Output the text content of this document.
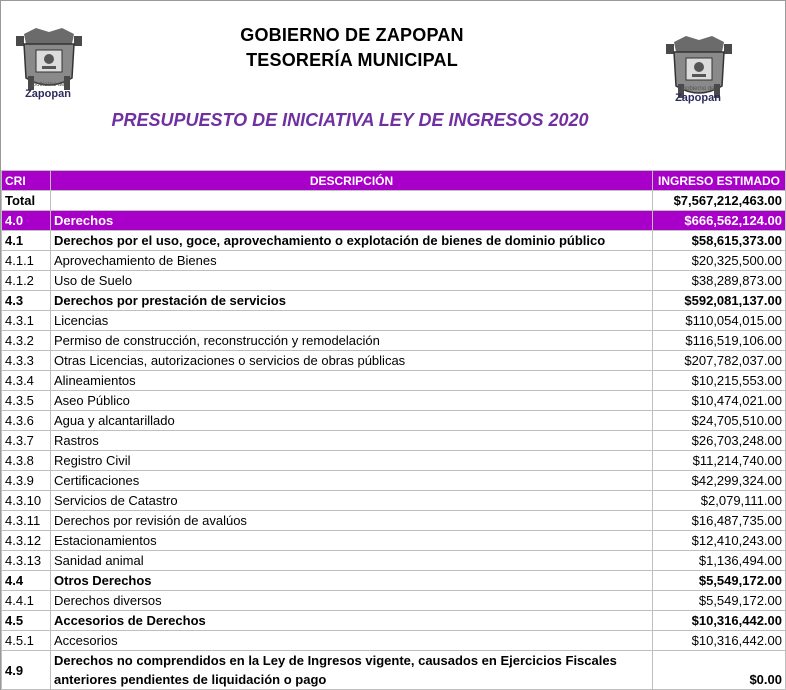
Gobierno de
Zapopan
GOBIERNO DE ZAPOPAN
TESORERÍA MUNICIPAL
PRESUPUESTO DE INICIATIVA LEY DE INGRESOS 2020
Gobierno de
Zapopan
CRI	DESCRIPCIÓN	INGRESO ESTIMADO
Total		$7,567,212,463.00
4.0	Derechos	$666,562,124.00
4.1	Derechos por el uso, goce, aprovechamiento o explotación de bienes de dominio público	$58,615,373.00
4.1.1	Aprovechamiento de Bienes	$20,325,500.00
4.1.2	Uso de Suelo	$38,289,873.00
4.3	Derechos por prestación de servicios	$592,081,137.00
4.3.1	Licencias	$110,054,015.00
4.3.2	Permiso de construcción, reconstrucción y remodelación	$116,519,106.00
4.3.3	Otras Licencias, autorizaciones o servicios de obras públicas	$207,782,037.00
4.3.4	Alineamientos	$10,215,553.00
4.3.5	Aseo Público	$10,474,021.00
4.3.6	Agua y alcantarillado	$24,705,510.00
4.3.7	Rastros	$26,703,248.00
4.3.8	Registro Civil	$11,214,740.00
4.3.9	Certificaciones	$42,299,324.00
4.3.10	Servicios de Catastro	$2,079,111.00
4.3.11	Derechos por revisión de avalúos	$16,487,735.00
4.3.12	Estacionamientos	$12,410,243.00
4.3.13	Sanidad animal	$1,136,494.00
4.4	Otros Derechos	$5,549,172.00
4.4.1	Derechos diversos	$5,549,172.00
4.5	Accesorios de Derechos	$10,316,442.00
4.5.1	Accesorios	$10,316,442.00
4.9	Derechos no comprendidos en la Ley de Ingresos vigente, causados en Ejercicios Fiscales anteriores pendientes de liquidación o pago	$0.00
